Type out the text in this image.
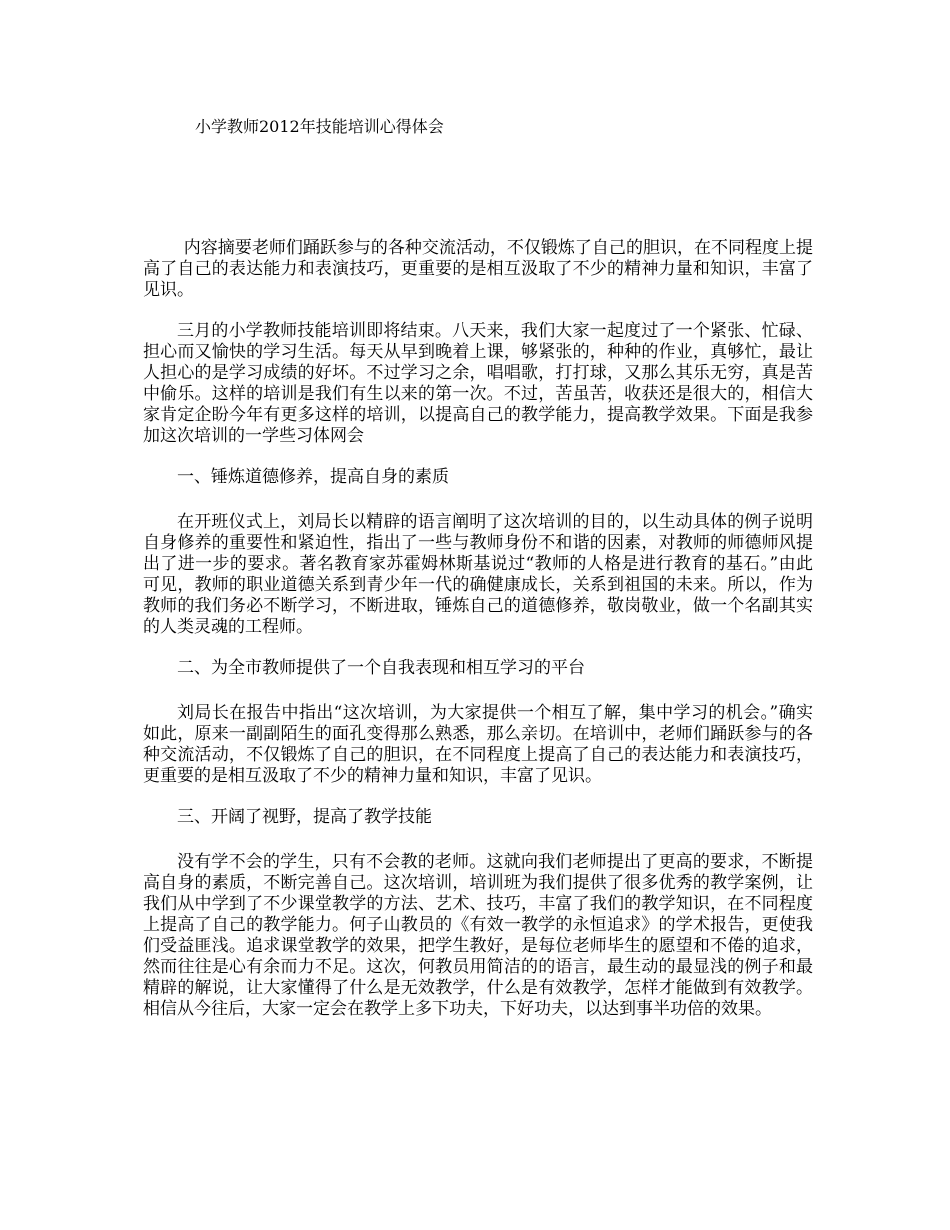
小学教师2012年技能培训心得体会

内容摘要老师们踊跃参与的各种交流活动，不仅锻炼了自己的胆识，在不同程度上提高了自己的表达能力和表演技巧，更重要的是相互汲取了不少的精神力量和知识，丰富了见识。

三月的小学教师技能培训即将结束。八天来，我们大家一起度过了一个紧张、忙碌、担心而又愉快的学习生活。每天从早到晚着上课，够紧张的，种种的作业，真够忙，最让人担心的是学习成绩的好坏。不过学习之余，唱唱歌，打打球，又那么其乐无穷，真是苦中偷乐。这样的培训是我们有生以来的第一次。不过，苦虽苦，收获还是很大的，相信大家肯定企盼今年有更多这样的培训，以提高自己的教学能力，提高教学效果。下面是我参加这次培训的一学些习体网会

一、锤炼道德修养，提高自身的素质

在开班仪式上，刘局长以精辟的语言阐明了这次培训的目的，以生动具体的例子说明自身修养的重要性和紧迫性，指出了一些与教师身份不和谐的因素，对教师的师德师风提出了进一步的要求。著名教育家苏霍姆林斯基说过“教师的人格是进行教育的基石。”由此可见，教师的职业道德关系到青少年一代的确健康成长，关系到祖国的未来。所以，作为教师的我们务必不断学习，不断进取，锤炼自己的道德修养，敬岗敬业，做一个名副其实的人类灵魂的工程师。

二、为全市教师提供了一个自我表现和相互学习的平台

刘局长在报告中指出“这次培训，为大家提供一个相互了解，集中学习的机会。”确实如此，原来一副副陌生的面孔变得那么熟悉，那么亲切。在培训中，老师们踊跃参与的各种交流活动，不仅锻炼了自己的胆识，在不同程度上提高了自己的表达能力和表演技巧，更重要的是相互汲取了不少的精神力量和知识，丰富了见识。

三、开阔了视野，提高了教学技能

没有学不会的学生，只有不会教的老师。这就向我们老师提出了更高的要求，不断提高自身的素质，不断完善自己。这次培训，培训班为我们提供了很多优秀的教学案例，让我们从中学到了不少课堂教学的方法、艺术、技巧，丰富了我们的教学知识，在不同程度上提高了自己的教学能力。何子山教员的《有效一教学的永恒追求》的学术报告，更使我们受益匪浅。追求课堂教学的效果，把学生教好，是每位老师毕生的愿望和不倦的追求，然而往往是心有余而力不足。这次，何教员用简洁的的语言，最生动的最显浅的例子和最精辟的解说，让大家懂得了什么是无效教学，什么是有效教学，怎样才能做到有效教学。相信从今往后，大家一定会在教学上多下功夫，下好功夫，以达到事半功倍的效果。
